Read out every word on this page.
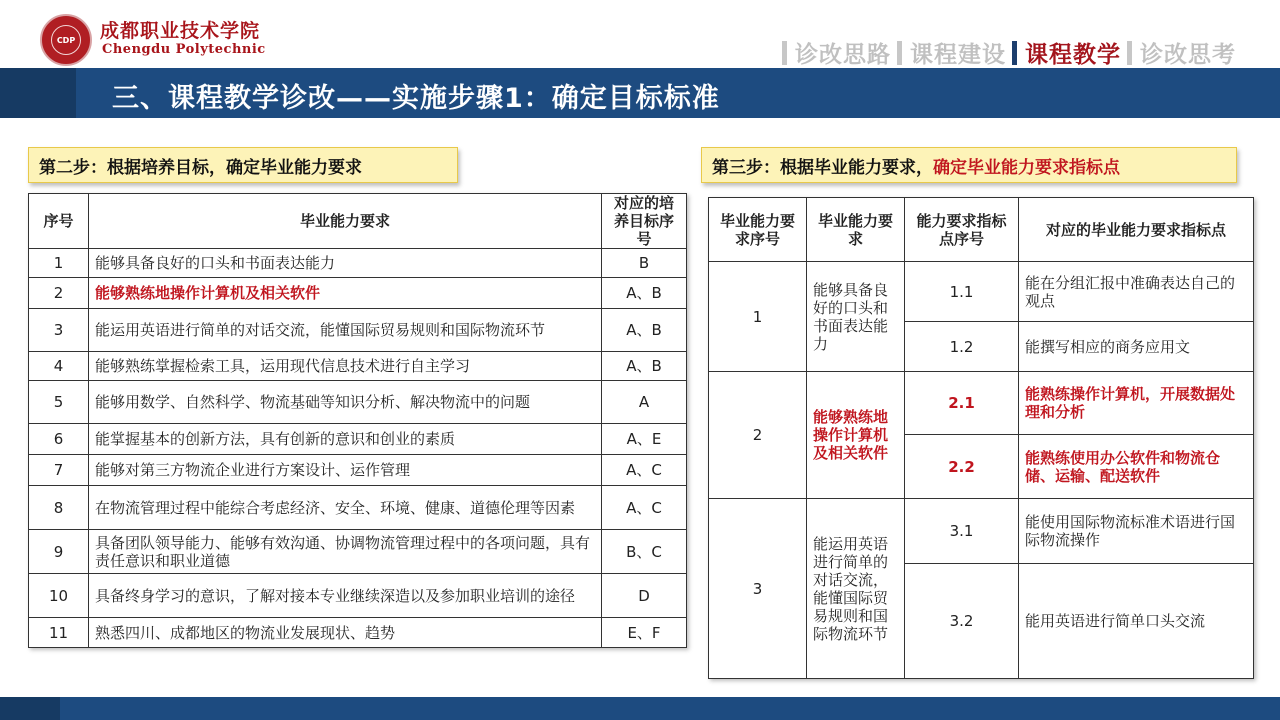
CDP	成都职业技术学院
Chengdu Polytechnic	诊改思路 课程建设 课程教学 诊改思考
三、课程教学诊改——实施步骤1：确定目标标准
第二步：根据培养目标，确定毕业能力要求
序号	毕业能力要求	对应的培养目标序号
1	能够具备良好的口头和书面表达能力	B
2	能够熟练地操作计算机及相关软件	A、B
3	能运用英语进行简单的对话交流，能懂国际贸易规则和国际物流环节	A、B
4	能够熟练掌握检索工具，运用现代信息技术进行自主学习	A、B
5	能够用数学、自然科学、物流基础等知识分析、解决物流中的问题	A
6	能掌握基本的创新方法，具有创新的意识和创业的素质	A、E
7	能够对第三方物流企业进行方案设计、运作管理	A、C
8	在物流管理过程中能综合考虑经济、安全、环境、健康、道德伦理等因素	A、C
9	具备团队领导能力、能够有效沟通、协调物流管理过程中的各项问题，具有责任意识和职业道德	B、C
10	具备终身学习的意识，了解对接本专业继续深造以及参加职业培训的途径	D
11	熟悉四川、成都地区的物流业发展现状、趋势	E、F
第三步：根据毕业能力要求， 确定毕业能力要求指标点
毕业能力要求序号	毕业能力要求	能力要求指标点序号	对应的毕业能力要求指标点
1	能够具备良好的口头和书面表达能力	1.1	能在分组汇报中准确表达自己的观点
		1.2	能撰写相应的商务应用文
2	能够熟练地操作计算机及相关软件	2.1	能熟练操作计算机，开展数据处理和分析
		2.2	能熟练使用办公软件和物流仓储、运输、配送软件
3	能运用英语进行简单的对话交流，能懂国际贸易规则和国际物流环节	3.1	能使用国际物流标准术语进行国际物流操作
		3.2	能用英语进行简单口头交流
